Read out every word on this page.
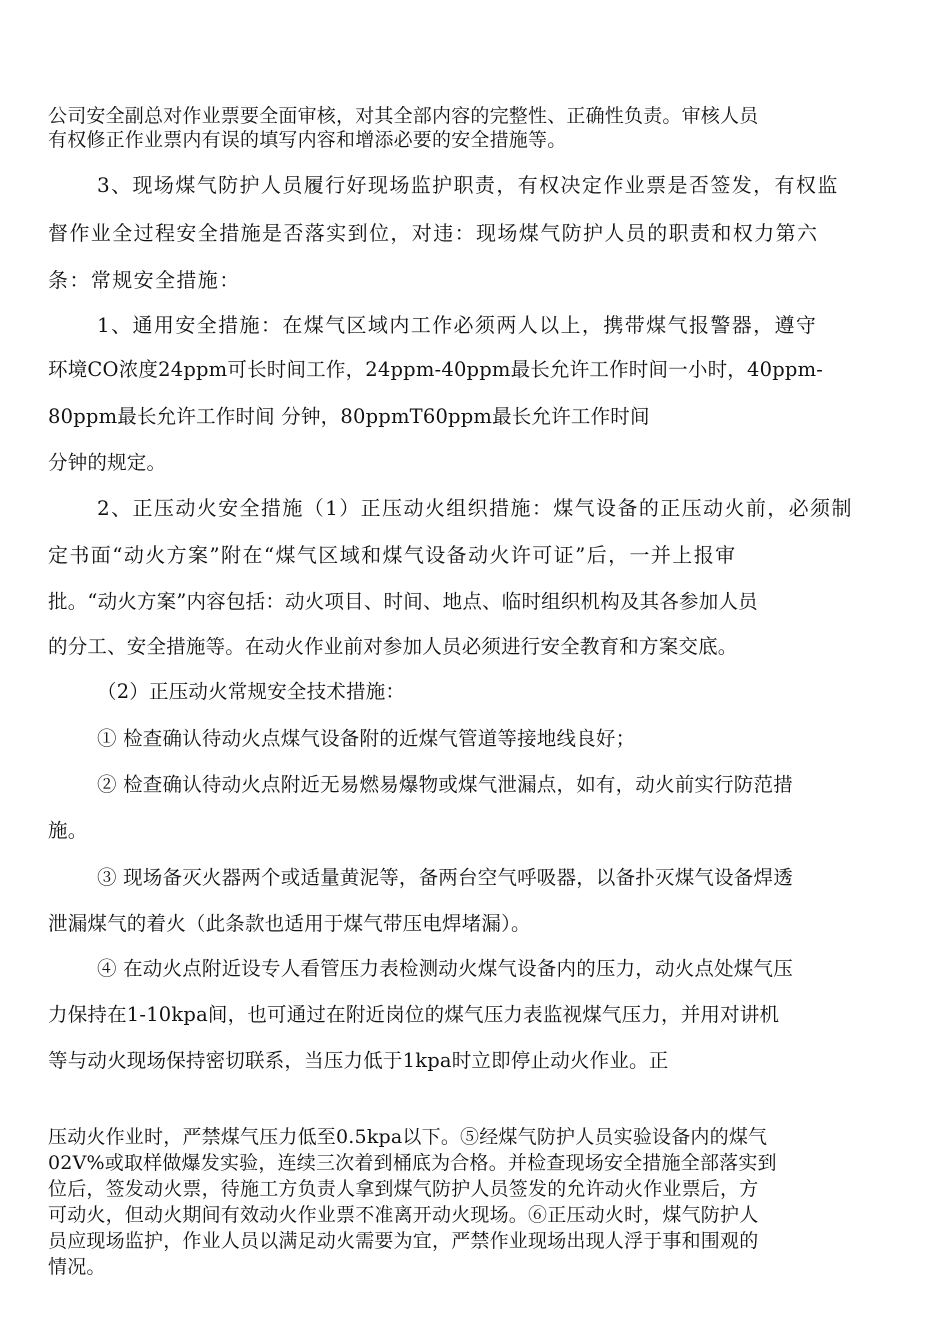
公司安全副总对作业票要全面审核，对其全部内容的完整性、正确性负责。审核人员
有权修正作业票内有误的填写内容和增添必要的安全措施等。
3、现场煤气防护人员履行好现场监护职责，有权决定作业票是否签发，有权监
督作业全过程安全措施是否落实到位，对违：现场煤气防护人员的职责和权力第六
条：常规安全措施：
1、通用安全措施：在煤气区域内工作必须两人以上，携带煤气报警器，遵守
环境CO浓度24ppm可长时间工作，24ppm-40ppm最长允许工作时间一小时，40ppm-
80ppm最长允许工作时间 分钟，80ppmT60ppm最长允许工作时间
分钟的规定。
2、正压动火安全措施（1）正压动火组织措施：煤气设备的正压动火前，必须制
定书面“动火方案”附在“煤气区域和煤气设备动火许可证”后，一并上报审
批。“动火方案”内容包括：动火项目、时间、地点、临时组织机构及其各参加人员
的分工、安全措施等。在动火作业前对参加人员必须进行安全教育和方案交底。
（2）正压动火常规安全技术措施：
① 检查确认待动火点煤气设备附的近煤气管道等接地线良好；
② 检查确认待动火点附近无易燃易爆物或煤气泄漏点，如有，动火前实行防范措
施。
③ 现场备灭火器两个或适量黄泥等，备两台空气呼吸器，以备扑灭煤气设备焊透
泄漏煤气的着火（此条款也适用于煤气带压电焊堵漏）。
④ 在动火点附近设专人看管压力表检测动火煤气设备内的压力，动火点处煤气压
力保持在1-10kpa间，也可通过在附近岗位的煤气压力表监视煤气压力，并用对讲机
等与动火现场保持密切联系，当压力低于1kpa时立即停止动火作业。正
压动火作业时，严禁煤气压力低至0.5kpa以下。⑤经煤气防护人员实验设备内的煤气
02V%或取样做爆发实验，连续三次着到桶底为合格。并检查现场安全措施全部落实到
位后，签发动火票，待施工方负责人拿到煤气防护人员签发的允许动火作业票后，方
可动火，但动火期间有效动火作业票不准离开动火现场。⑥正压动火时，煤气防护人
员应现场监护，作业人员以满足动火需要为宜，严禁作业现场出现人浮于事和围观的
情况。
